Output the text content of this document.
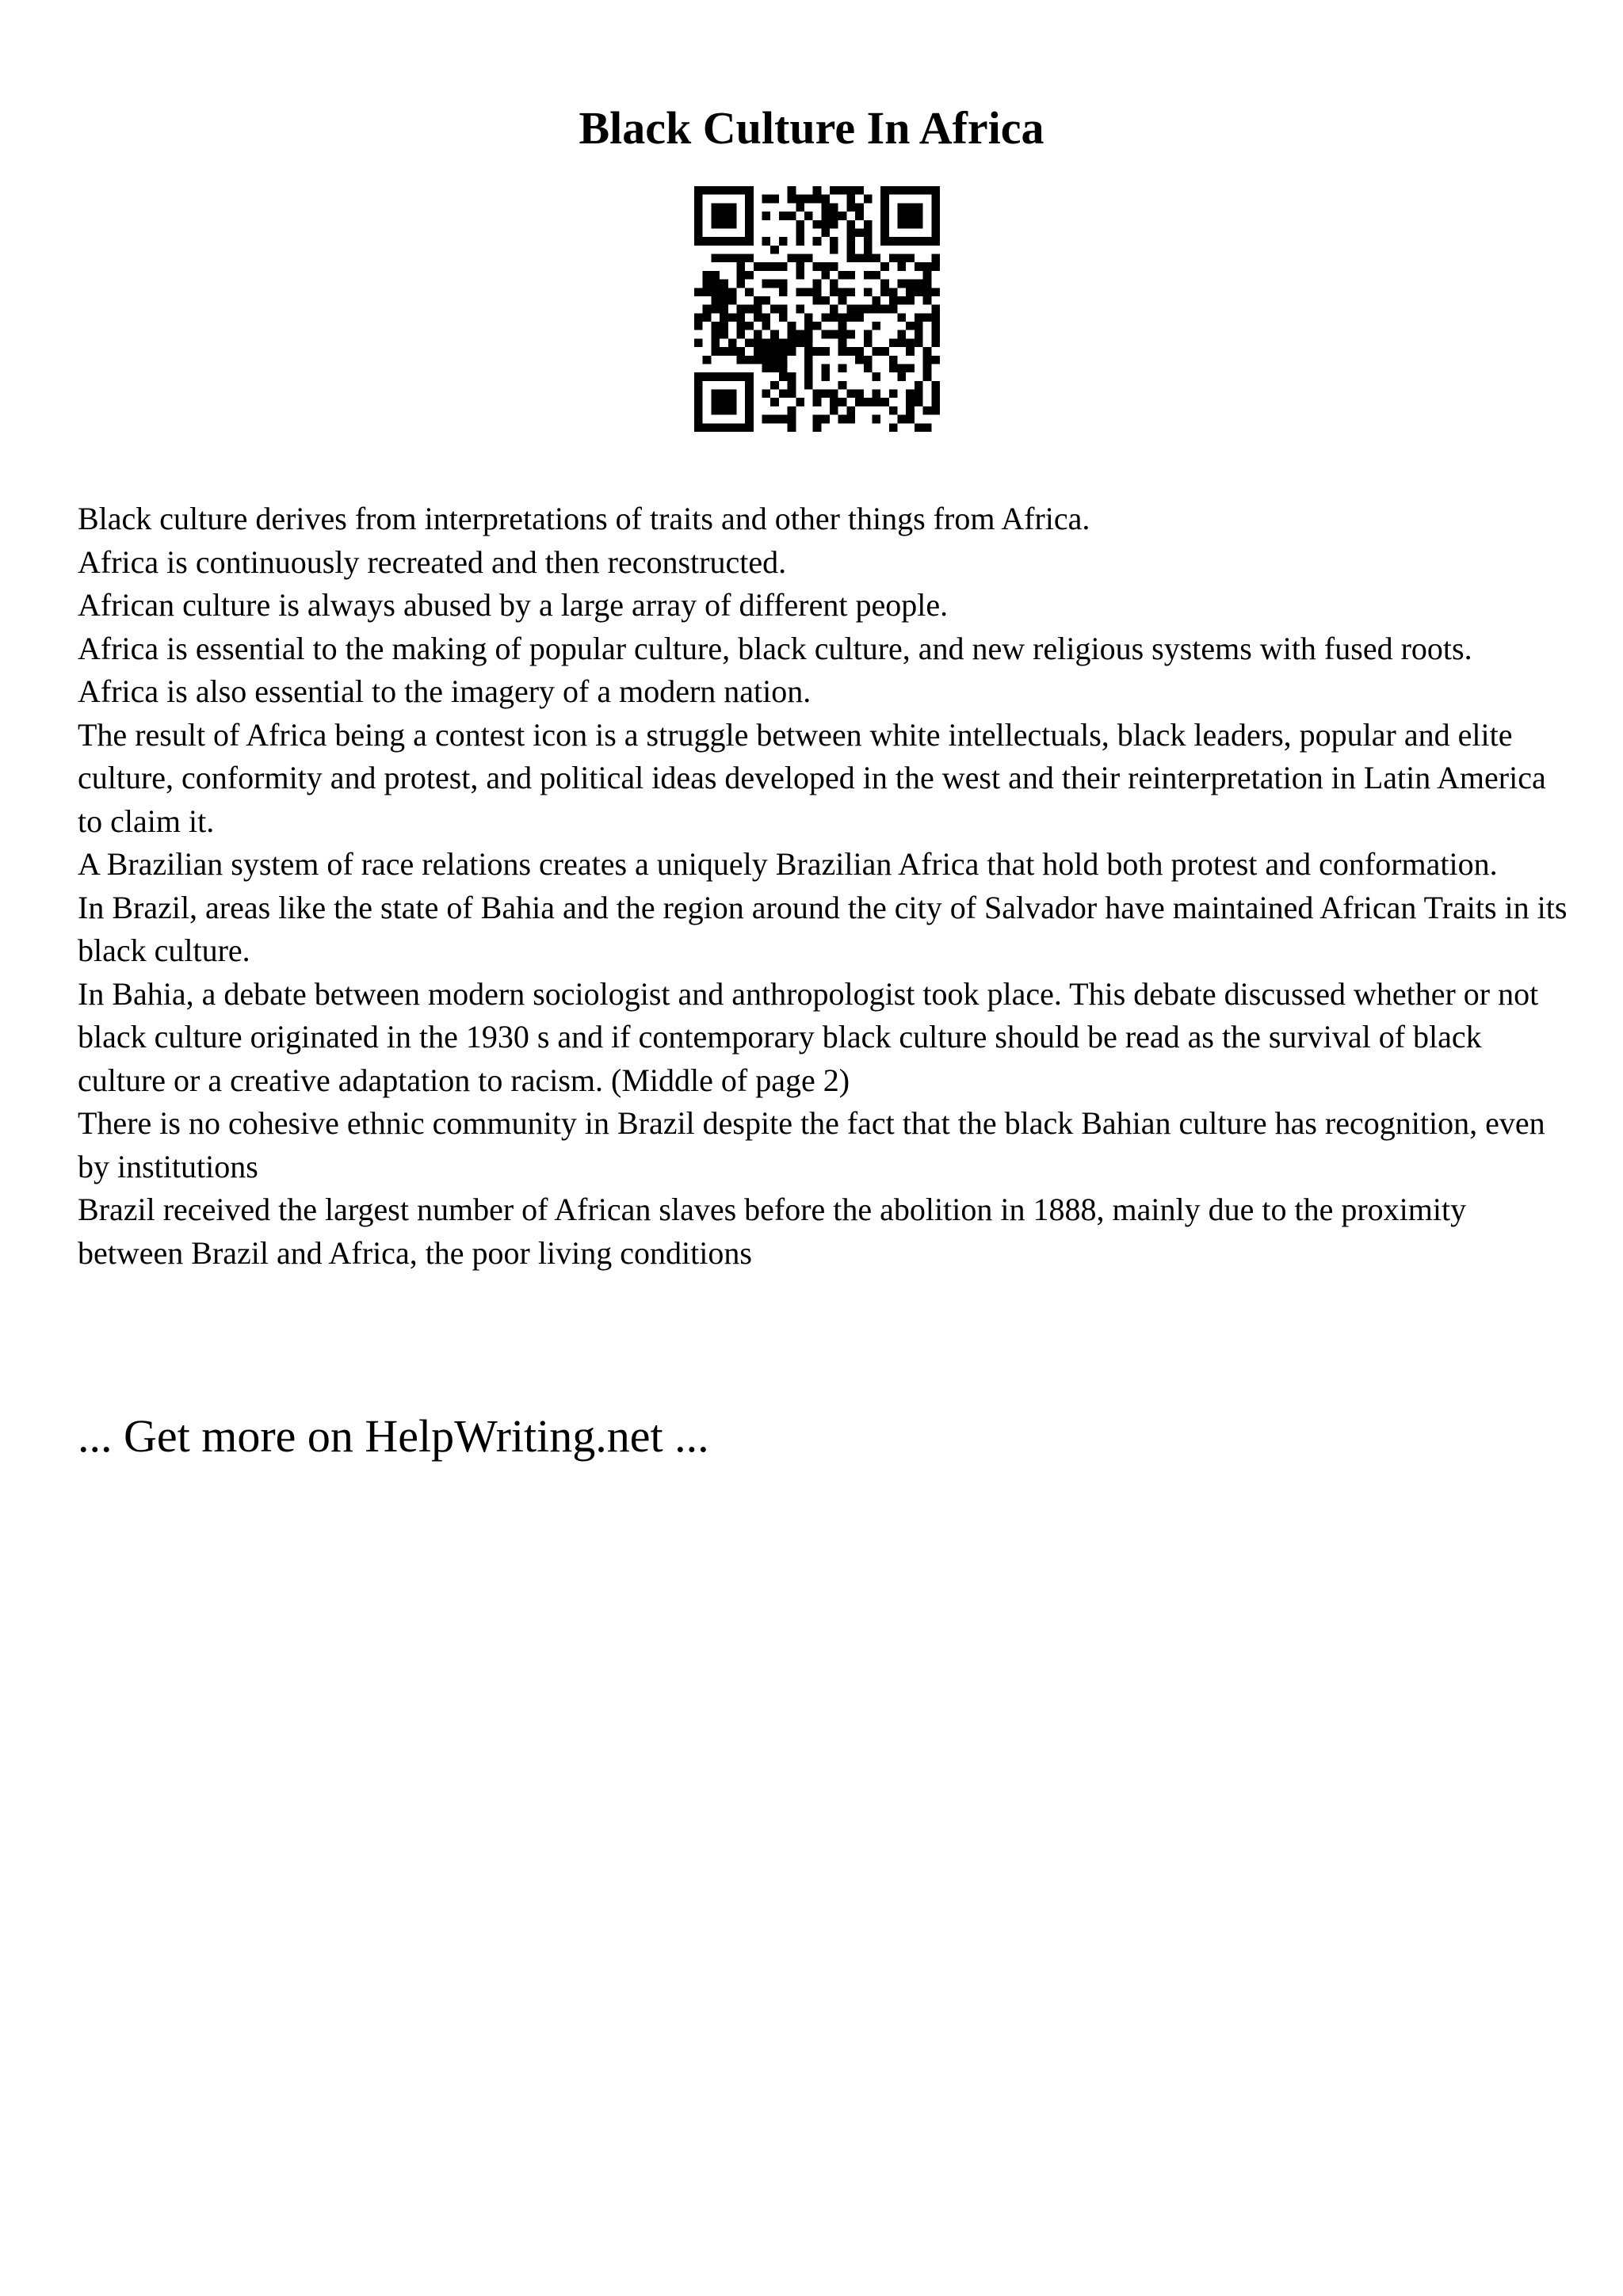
Black Culture In Africa

Black culture derives from interpretations of traits and other things from Africa.

Africa is continuously recreated and then reconstructed.

African culture is always abused by a large array of different people.

Africa is essential to the making of popular culture, black culture, and new religious systems with fused roots.

Africa is also essential to the imagery of a modern nation.

The result of Africa being a contest icon is a struggle between white intellectuals, black leaders, popular and elite culture, conformity and protest, and political ideas developed in the west and their reinterpretation in Latin America to claim it.

A Brazilian system of race relations creates a uniquely Brazilian Africa that hold both protest and conformation.

In Brazil, areas like the state of Bahia and the region around the city of Salvador have maintained African Traits in its black culture.

In Bahia, a debate between modern sociologist and anthropologist took place. This debate discussed whether or not black culture originated in the 1930 s and if contemporary black culture should be read as the survival of black culture or a creative adaptation to racism. (Middle of page 2)

There is no cohesive ethnic community in Brazil despite the fact that the black Bahian culture has recognition, even by institutions

Brazil received the largest number of African slaves before the abolition in 1888, mainly due to the proximity between Brazil and Africa, the poor living conditions

... Get more on HelpWriting.net ...
